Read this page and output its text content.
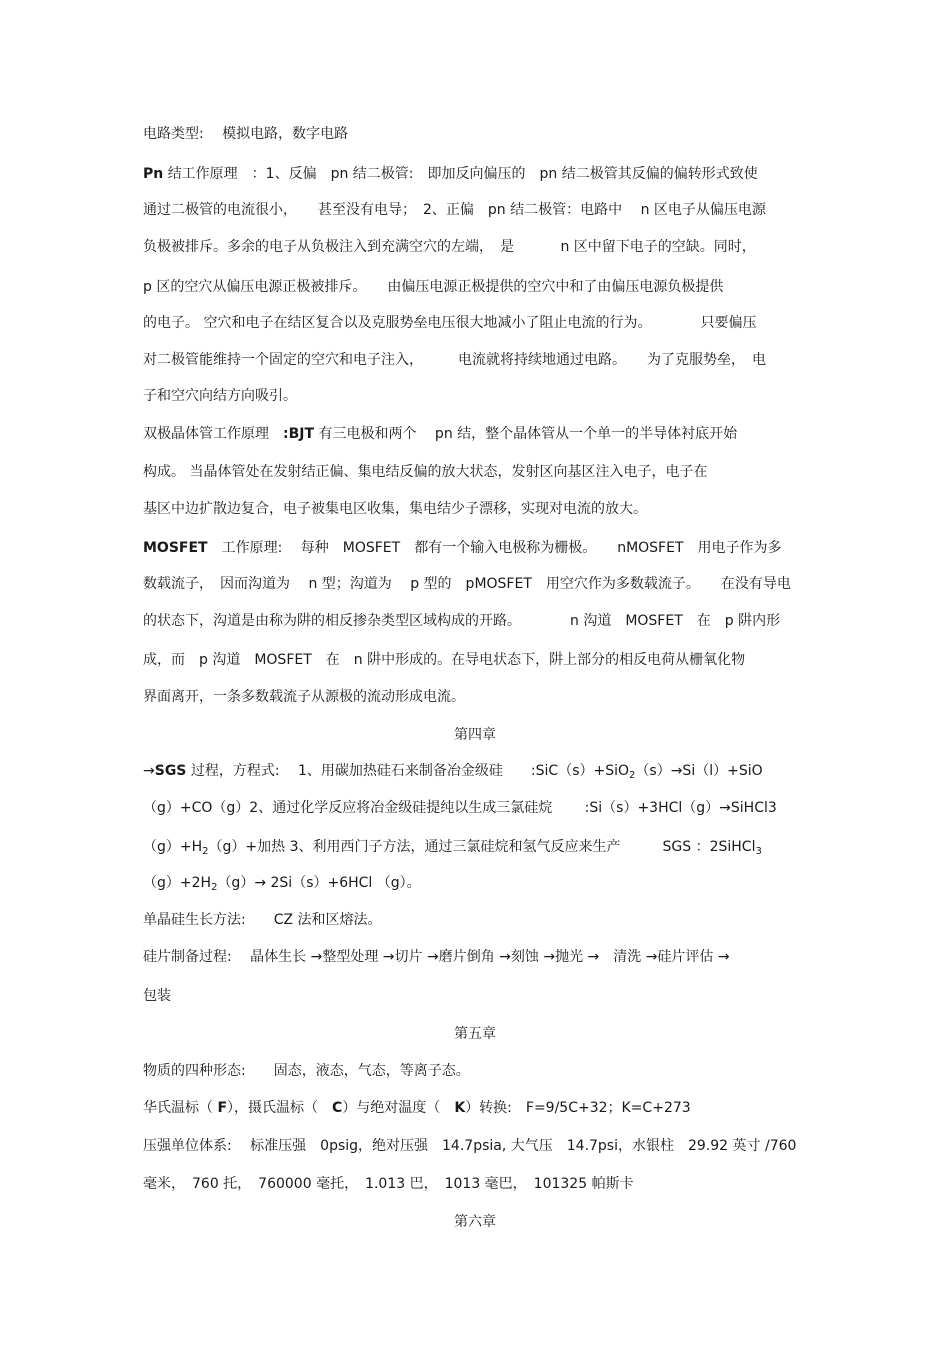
电路类型:　 模拟电路，数字电路
Pn 结工作原理　：1、反偏　pn 结二极管:　即加反向偏压的　pn 结二极管其反偏的偏转形式致使
通过二极管的电流很小，　　甚至没有电导；　2、正偏　pn 结二极管：电路中　 n 区电子从偏压电源
负极被排斥。多余的电子从负极注入到充满空穴的左端，　是　　　 n 区中留下电子的空缺。同时，
p 区的空穴从偏压电源正极被排斥。　　由偏压电源正极提供的空穴中和了由偏压电源负极提供
的电子。 空穴和电子在结区复合以及克服势垒电压很大地减小了阻止电流的行为。　　　　只要偏压
对二极管能维持一个固定的空穴和电子注入，　　　电流就将持续地通过电路。　　为了克服势垒，　电
子和空穴向结方向吸引。
双极晶体管工作原理　:BJT 有三电极和两个　 pn 结，整个晶体管从一个单一的半导体衬底开始
构成。 当晶体管处在发射结正偏、集电结反偏的放大状态，发射区向基区注入电子，电子在
基区中边扩散边复合，电子被集电区收集，集电结少子漂移，实现对电流的放大。
MOSFET　工作原理:　 每种　MOSFET　都有一个输入电极称为栅极。　　nMOSFET　用电子作为多
数载流子，　因而沟道为　 n 型；沟道为　 p 型的　pMOSFET　用空穴作为多数载流子。　　在没有导电
的状态下，沟道是由称为阱的相反掺杂类型区域构成的开路。　　　　n 沟道　MOSFET　在　p 阱内形
成，而　p 沟道　MOSFET　在　n 阱中形成的。在导电状态下，阱上部分的相反电荷从栅氧化物
界面离开，一条多数载流子从源极的流动形成电流。
第四章
→SGS 过程，方程式:　 1、用碳加热硅石来制备冶金级硅　　:SiC（s）+SiO$_2$（s）→Si（l）+SiO
（g）+CO（g）2、通过化学反应将冶金级硅提纯以生成三氯硅烷　　 :Si（s）+3HCl（g）→SiHCl3
$(g)+H_2(g)+$加热 3、利用西门子方法，通过三氯硅烷和氢气反应来生产　　　SGS ：2SiHCl$_3$
$(g)+2H_2(g)\to 2Si(s)+6HCl$ （g）。
单晶硅生长方法:　　CZ 法和区熔法。
硅片制备过程:　 晶体生长 →整型处理 →切片 →磨片倒角 →刻蚀 →抛光 →　清洗 →硅片评估 →
包装
第五章
物质的四种形态:　　固态，液态，气态，等离子态。
华氏温标（ F），摄氏温标（　C）与绝对温度（　K）转换:　F=9/5C+32；K=C+273
压强单位体系:　 标准压强　0psig，绝对压强　14.7psia, 大气压　14.7psi，水银柱　29.92 英寸 /760
毫米，　760 托，　760000 毫托，　1.013 巴，　1013 毫巴，　101325 帕斯卡
第六章
